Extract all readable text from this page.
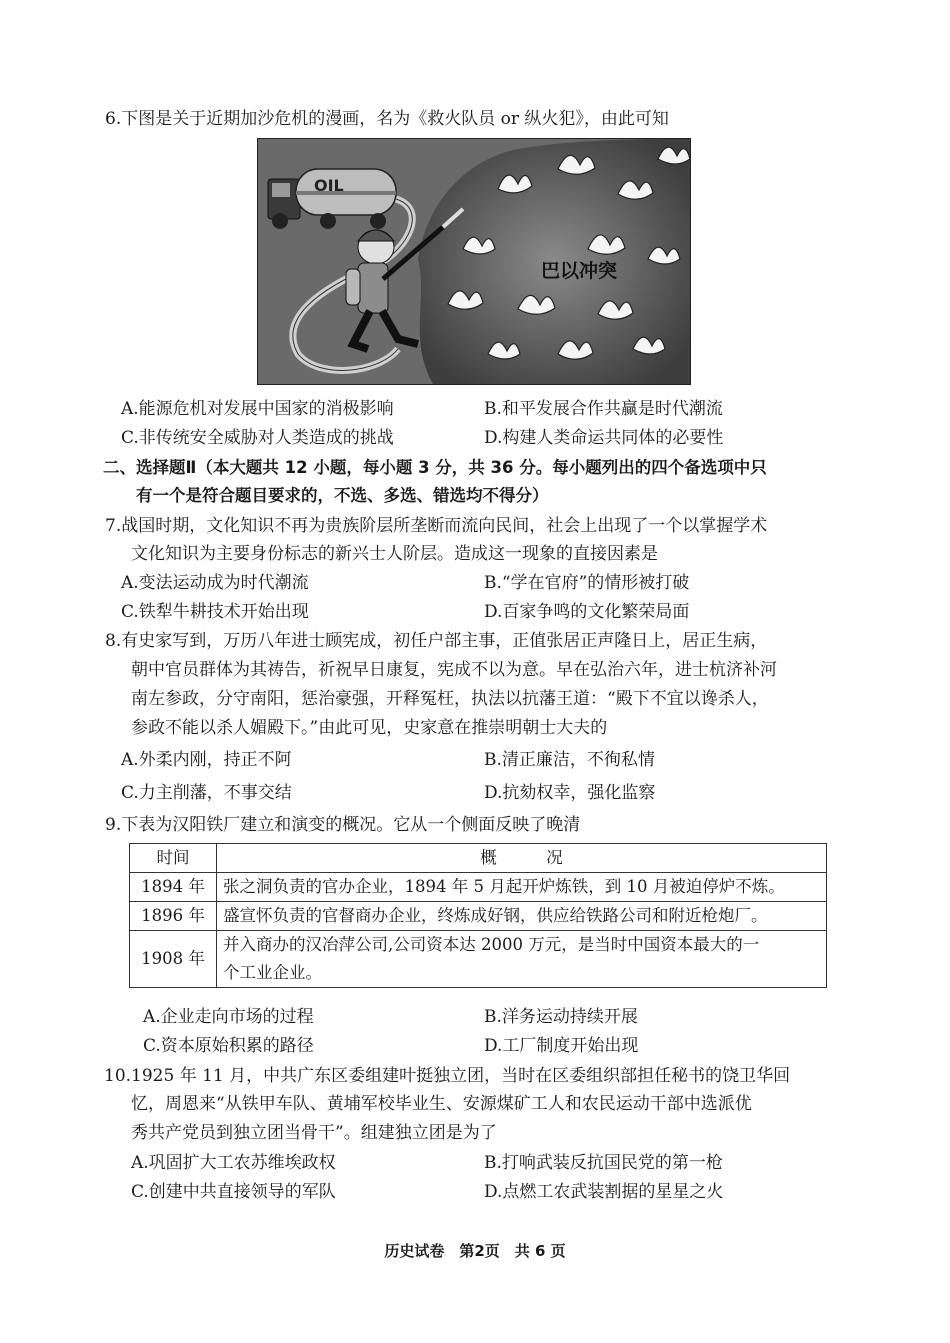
6.下图是关于近期加沙危机的漫画，名为《救火队员 or 纵火犯》，由此可知
OIL
巴以冲突
A.能源危机对发展中国家的消极影响	B.和平发展合作共赢是时代潮流
C.非传统安全威胁对人类造成的挑战	D.构建人类命运共同体的必要性
二、选择题Ⅱ（本大题共 12 小题，每小题 3 分，共 36 分。每小题列出的四个备选项中只
有一个是符合题目要求的，不选、多选、错选均不得分）
7.战国时期，文化知识不再为贵族阶层所垄断而流向民间，社会上出现了一个以掌握学术
文化知识为主要身份标志的新兴士人阶层。造成这一现象的直接因素是
A.变法运动成为时代潮流	B.“学在官府”的情形被打破
C.铁犁牛耕技术开始出现	D.百家争鸣的文化繁荣局面
8.有史家写到，万历八年进士顾宪成，初任户部主事，正值张居正声隆日上，居正生病，
朝中官员群体为其祷告，祈祝早日康复，宪成不以为意。早在弘治六年，进士杭济补河
南左参政，分守南阳，惩治豪强，开释冤枉，执法以抗藩王道：“殿下不宜以谗杀人，
参政不能以杀人媚殿下。”由此可见，史家意在推崇明朝士大夫的
A.外柔内刚，持正不阿	B.清正廉洁，不徇私情
C.力主削藩，不事交结	D.抗劾权幸，强化监察
9.下表为汉阳铁厂建立和演变的概况。它从一个侧面反映了晚清
时间	概　　　况
1894 年	张之洞负责的官办企业，1894 年 5 月起开炉炼铁，到 10 月被迫停炉不炼。
1896 年	盛宣怀负责的官督商办企业，终炼成好钢，供应给铁路公司和附近枪炮厂。
1908 年	并入商办的汉冶萍公司,公司资本达 2000 万元，是当时中国资本最大的一
个工业企业。
A.企业走向市场的过程	B.洋务运动持续开展
C.资本原始积累的路径	D.工厂制度开始出现
10.1925 年 11 月，中共广东区委组建叶挺独立团，当时在区委组织部担任秘书的饶卫华回
忆，周恩来“从铁甲车队、黄埔军校毕业生、安源煤矿工人和农民运动干部中选派优
秀共产党员到独立团当骨干”。组建独立团是为了
A.巩固扩大工农苏维埃政权	B.打响武装反抗国民党的第一枪
C.创建中共直接领导的军队	D.点燃工农武装割据的星星之火
历史试卷　第2页　共 6 页
